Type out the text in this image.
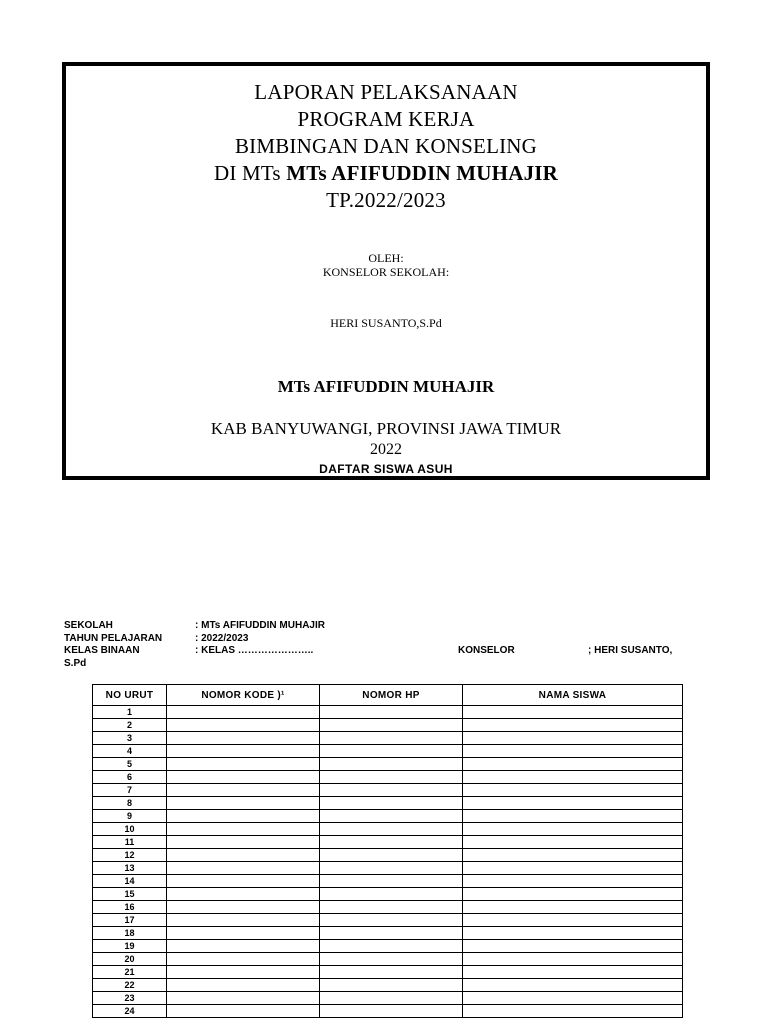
LAPORAN PELAKSANAAN
PROGRAM KERJA
BIMBINGAN DAN KONSELING
DI MTs MTs AFIFUDDIN MUHAJIR
TP.2022/2023
OLEH:
KONSELOR SEKOLAH:
HERI SUSANTO,S.Pd
MTs AFIFUDDIN MUHAJIR
KAB BANYUWANGI, PROVINSI JAWA TIMUR
2022
DAFTAR SISWA ASUH
SEKOLAH	: MTs AFIFUDDIN MUHAJIR
TAHUN PELAJARAN	: 2022/2023
KELAS BINAAN	: KELAS …………………..	KONSELOR	; HERI SUSANTO,
S.Pd
NO URUT	NOMOR KODE )¹	NOMOR HP	NAMA SISWA
1			
2			
3			
4			
5			
6			
7			
8			
9			
10			
11			
12			
13			
14			
15			
16			
17			
18			
19			
20			
21			
22			
23			
24			
